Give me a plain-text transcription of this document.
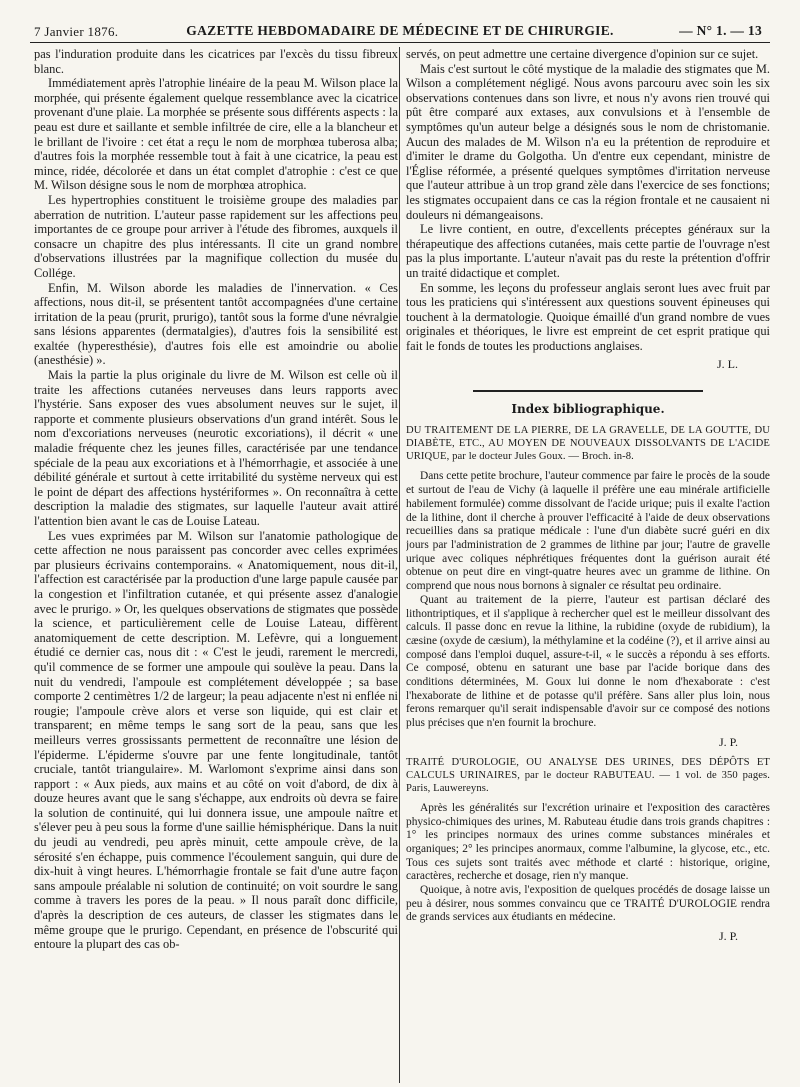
7 Janvier 1876.	GAZETTE HEBDOMADAIRE DE MÉDECINE ET DE CHIRURGIE.	— N° 1. — 13

pas l'induration produite dans les cicatrices par l'excès du tissu fibreux blanc.

Immédiatement après l'atrophie linéaire de la peau M. Wilson place la morphée, qui présente également quelque ressemblance avec la cicatrice provenant d'une plaie. La morphée se présente sous différents aspects : la peau est dure et saillante et semble infiltrée de cire, elle a la blancheur et le brillant de l'ivoire : cet état a reçu le nom de morphœa tuberosa alba; d'autres fois la morphée ressemble tout à fait à une cicatrice, la peau est mince, ridée, décolorée et dans un état complet d'atrophie : c'est ce que M. Wilson désigne sous le nom de morphœa atrophica.

Les hypertrophies constituent le troisième groupe des maladies par aberration de nutrition. L'auteur passe rapidement sur les affections peu importantes de ce groupe pour arriver à l'étude des fibromes, auxquels il consacre un chapitre des plus intéressants. Il cite un grand nombre d'observations illustrées par la magnifique collection du musée du Collége.

Enfin, M. Wilson aborde les maladies de l'innervation. « Ces affections, nous dit-il, se présentent tantôt accompagnées d'une certaine irritation de la peau (prurit, prurigo), tantôt sous la forme d'une névralgie sans lésions apparentes (dermatalgies), d'autres fois la sensibilité est exaltée (hyperesthésie), d'autres fois elle est amoindrie ou abolie (anesthésie) ».

Mais la partie la plus originale du livre de M. Wilson est celle où il traite les affections cutanées nerveuses dans leurs rapports avec l'hystérie. Sans exposer des vues absolument neuves sur le sujet, il rapporte et commente plusieurs observations d'un grand intérêt. Sous le nom d'excoriations nerveuses (neurotic excoriations), il décrit « une maladie fréquente chez les jeunes filles, caractérisée par une tendance spéciale de la peau aux excoriations et à l'hémorrhagie, et associée à une débilité générale et surtout à cette irritabilité du système nerveux qui est le point de départ des affections hystériformes ». On reconnaîtra à cette description la maladie des stigmates, sur laquelle l'auteur avait attiré l'attention bien avant le cas de Louise Lateau.

Les vues exprimées par M. Wilson sur l'anatomie pathologique de cette affection ne nous paraissent pas concorder avec celles exprimées par plusieurs écrivains contemporains. « Anatomiquement, nous dit-il, l'affection est caractérisée par la production d'une large papule causée par la congestion et l'infiltration cutanée, et qui présente assez d'analogie avec le prurigo. » Or, les quelques observations de stigmates que possède la science, et particulièrement celle de Louise Lateau, diffèrent anatomiquement de cette description. M. Lefèvre, qui a longuement étudié ce dernier cas, nous dit : « C'est le jeudi, rarement le mercredi, qu'il commence de se former une ampoule qui soulève la peau. Dans la nuit du vendredi, l'ampoule est complétement développée ; sa base comporte 2 centimètres 1/2 de largeur; la peau adjacente n'est ni enflée ni rougie; l'ampoule crève alors et verse son liquide, qui est clair et transparent; en même temps le sang sort de la peau, sans que les meilleurs verres grossissants permettent de reconnaître une lésion de l'épiderme. L'épiderme s'ouvre par une fente longitudinale, tantôt cruciale, tantôt triangulaire». M. Warlomont s'exprime ainsi dans son rapport : « Aux pieds, aux mains et au côté on voit d'abord, de dix à douze heures avant que le sang s'échappe, aux endroits où devra se faire la solution de continuité, qui lui donnera issue, une ampoule naître et s'élever peu à peu sous la forme d'une saillie hémisphérique. Dans la nuit du jeudi au vendredi, peu après minuit, cette ampoule crève, de la sérosité s'en échappe, puis commence l'écoulement sanguin, qui dure de dix-huit à vingt heures. L'hémorrhagie frontale se fait d'une autre façon sans ampoule préalable ni solution de continuité; on voit sourdre le sang comme à travers les pores de la peau. » Il nous paraît donc difficile, d'après la description de ces auteurs, de classer les stigmates dans le même groupe que le prurigo. Cependant, en présence de l'obscurité qui entoure la plupart des cas ob-

servés, on peut admettre une certaine divergence d'opinion sur ce sujet.

Mais c'est surtout le côté mystique de la maladie des stigmates que M. Wilson a complétement négligé. Nous avons parcouru avec soin les six observations contenues dans son livre, et nous n'y avons rien trouvé qui pût être comparé aux extases, aux convulsions et à l'ensemble de symptômes qu'un auteur belge a désignés sous le nom de christomanie. Aucun des malades de M. Wilson n'a eu la prétention de reproduire et d'imiter le drame du Golgotha. Un d'entre eux cependant, ministre de l'Église réformée, a présenté quelques symptômes d'irritation nerveuse que l'auteur attribue à un trop grand zèle dans l'exercice de ses fonctions; les stigmates occupaient dans ce cas la région frontale et ne causaient ni douleurs ni démangeaisons.

Le livre contient, en outre, d'excellents préceptes généraux sur la thérapeutique des affections cutanées, mais cette partie de l'ouvrage n'est pas la plus importante. L'auteur n'avait pas du reste la prétention d'offrir un traité didactique et complet.

En somme, les leçons du professeur anglais seront lues avec fruit par tous les praticiens qui s'intéressent aux questions souvent épineuses qui touchent à la dermatologie. Quoique émaillé d'un grand nombre de vues originales et théoriques, le livre est empreint de cet esprit pratique qui fait le fonds de toutes les productions anglaises.

J. L.
Index bibliographique.
DU TRAITEMENT DE LA PIERRE, DE LA GRAVELLE, DE LA GOUTTE, DU DIABÈTE, ETC., AU MOYEN DE NOUVEAUX DISSOLVANTS DE L'ACIDE URIQUE, par le docteur Jules Goux. — Broch. in-8.

Dans cette petite brochure, l'auteur commence par faire le procès de la soude et surtout de l'eau de Vichy (à laquelle il préfère une eau minérale artificielle habilement formulée) comme dissolvant de l'acide urique; puis il exalte l'action de la lithine, dont il cherche à prouver l'efficacité à l'aide de deux observations recueillies dans sa pratique médicale : l'une d'un diabète sucré guéri en dix jours par l'administration de 2 grammes de lithine par jour; l'autre de gravelle urique avec coliques néphrétiques fréquentes dont la guérison aurait été obtenue on peut dire en vingt-quatre heures avec un gramme de lithine. On comprend que nous nous bornons à signaler ce résultat peu ordinaire.

Quant au traitement de la pierre, l'auteur est partisan déclaré des lithontriptiques, et il s'applique à rechercher quel est le meilleur dissolvant des calculs. Il passe donc en revue la lithine, la rubidine (oxyde de rubidium), la cæsine (oxyde de cæsium), la méthylamine et la codéine (?), et il arrive ainsi au composé dans l'emploi duquel, assure-t-il, « le succès a répondu à ses efforts. Ce composé, obtenu en saturant une base par l'acide borique dans des conditions déterminées, M. Goux lui donne le nom d'hexaborate : c'est l'hexaborate de lithine et de potasse qu'il préfère. Sans aller plus loin, nous ferons remarquer qu'il serait indispensable d'avoir sur ce composé des notions plus précises que n'en fournit la brochure.

J. P.
TRAITÉ D'UROLOGIE, OU ANALYSE DES URINES, DES DÉPÔTS ET CALCULS URINAIRES, par le docteur RABUTEAU. — 1 vol. de 350 pages. Paris, Lauwereyns.

Après les généralités sur l'excrétion urinaire et l'exposition des caractères physico-chimiques des urines, M. Rabuteau étudie dans trois grands chapitres : 1° les principes normaux des urines comme substances minérales et organiques; 2° les principes anormaux, comme l'albumine, la glycose, etc., etc. Tous ces sujets sont traités avec méthode et clarté : historique, origine, caractères, recherche et dosage, rien n'y manque.

Quoique, à notre avis, l'exposition de quelques procédés de dosage laisse un peu à désirer, nous sommes convaincu que ce TRAITÉ D'UROLOGIE rendra de grands services aux étudiants en médecine.

J. P.
